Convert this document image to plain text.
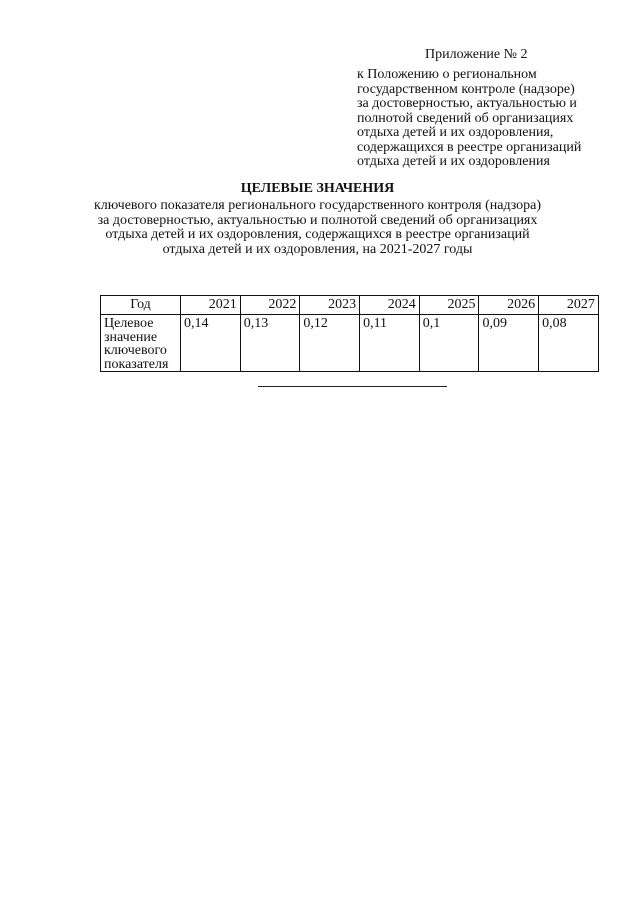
Приложение № 2
к Положению о региональном
государственном контроле (надзоре)
за достоверностью, актуальностью и
полнотой сведений об организациях
отдыха детей и их оздоровления,
содержащихся в реестре организаций
отдыха детей и их оздоровления
ЦЕЛЕВЫЕ ЗНАЧЕНИЯ
ключевого показателя регионального государственного контроля (надзора)
за достоверностью, актуальностью и полнотой сведений об организациях
отдыха детей и их оздоровления, содержащихся в реестре организаций
отдыха детей и их оздоровления, на 2021-2027 годы
Год	2021	2022	2023	2024	2025	2026	2027

Целевое
значение
ключевого
показателя	0,14	0,13	0,12	0,11	0,1	0,09	0,08
